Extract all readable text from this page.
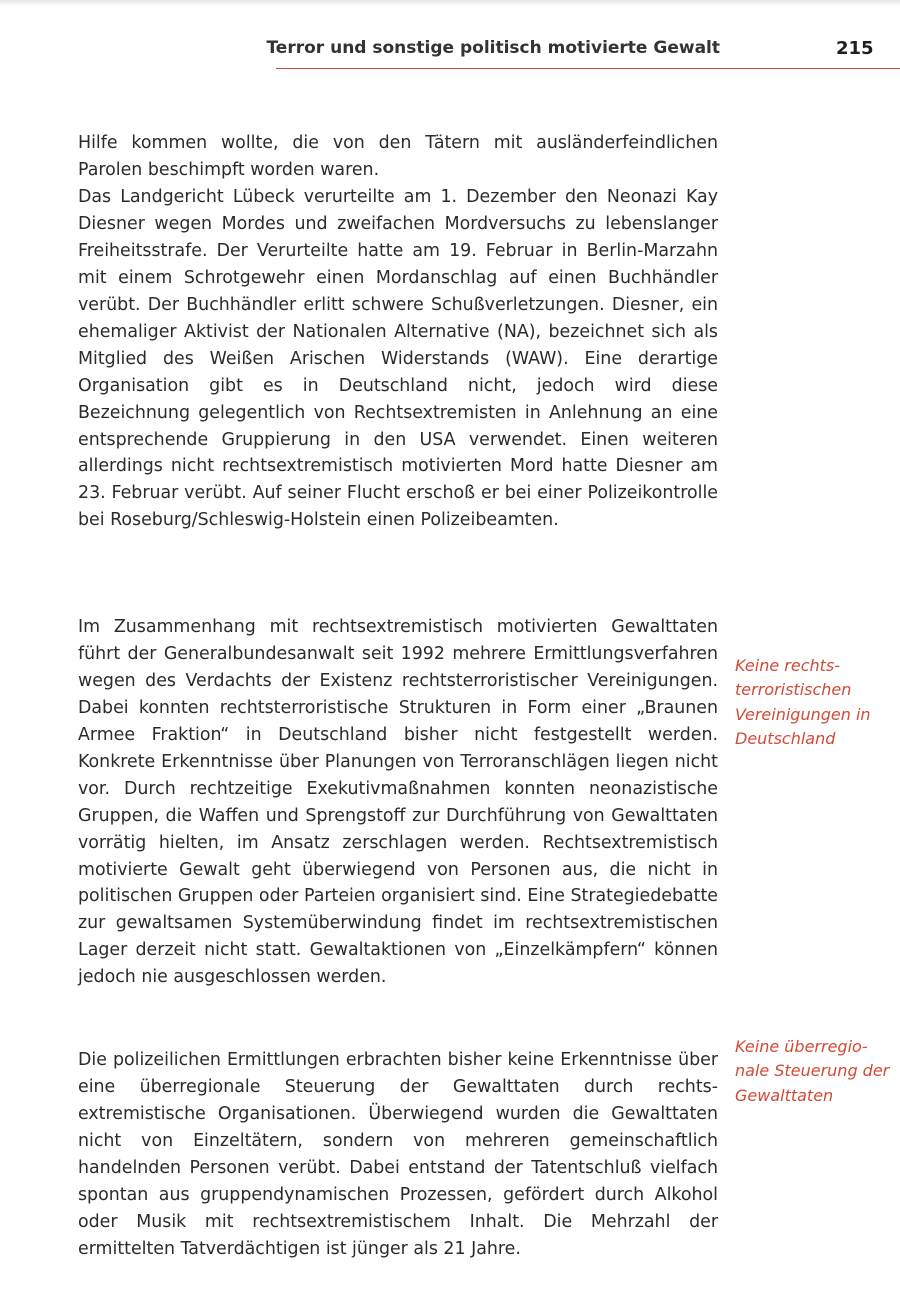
Terror und sonstige politisch motivierte Gewalt	215

Hilfe kommen wollte, die von den Tätern mit ausländerfeindlichen Parolen beschimpft worden waren.

Das Landgericht Lübeck verurteilte am 1. Dezember den Neonazi Kay Diesner wegen Mordes und zweifachen Mordversuchs zu lebenslanger Freiheitsstrafe. Der Verurteilte hatte am 19. Februar in Berlin-Marzahn mit einem Schrotgewehr einen Mordanschlag auf einen Buchhändler verübt. Der Buchhändler erlitt schwere Schußverletzungen. Diesner, ein ehemaliger Aktivist der Nationalen Alternative (NA), bezeichnet sich als Mitglied des Weißen Arischen Widerstands (WAW). Eine derartige Organisation gibt es in Deutschland nicht, jedoch wird diese Bezeichnung gelegentlich von Rechtsextremisten in Anlehnung an eine entsprechende Gruppierung in den USA verwendet. Einen weiteren allerdings nicht rechtsextremistisch motivierten Mord hatte Diesner am 23. Februar verübt. Auf seiner Flucht erschoß er bei einer Polizeikontrolle bei Roseburg/Schleswig-Holstein einen Polizeibeamten.

Im Zusammenhang mit rechtsextremistisch motivierten Gewalttaten führt der Generalbundesanwalt seit 1992 mehrere Ermittlungsverfahren wegen des Verdachts der Existenz rechtsterroristischer Vereinigungen. Dabei konnten rechtsterroristische Strukturen in Form einer „Braunen Armee Fraktion“ in Deutschland bisher nicht festgestellt werden. Konkrete Erkenntnisse über Planungen von Terroranschlägen liegen nicht vor. Durch rechtzeitige Exekutivmaßnahmen konnten neonazistische Gruppen, die Waffen und Sprengstoff zur Durchführung von Gewalttaten vorrätig hielten, im Ansatz zerschlagen werden. Rechtsextremistisch motivierte Gewalt geht überwiegend von Personen aus, die nicht in politischen Gruppen oder Parteien organisiert sind. Eine Strategiedebatte zur gewaltsamen Systemüberwindung findet im rechtsextremistischen Lager derzeit nicht statt. Gewaltaktionen von „Einzelkämpfern“ können jedoch nie ausgeschlossen werden.

Die polizeilichen Ermittlungen erbrachten bisher keine Erkenntnisse über eine überregionale Steuerung der Gewalttaten durch rechtsextremistische Organisationen. Überwiegend wurden die Gewalttaten nicht von Einzeltätern, sondern von mehreren gemeinschaftlich handelnden Personen verübt. Dabei entstand der Tatentschluß vielfach spontan aus gruppendynamischen Prozessen, gefördert durch Alkohol oder Musik mit rechtsextremistischem Inhalt. Die Mehrzahl der ermittelten Tatverdächtigen ist jünger als 21 Jahre.

Keine rechtsterroristischen Vereinigungen in Deutschland
Keine überregionale Steuerung der Gewalttaten
